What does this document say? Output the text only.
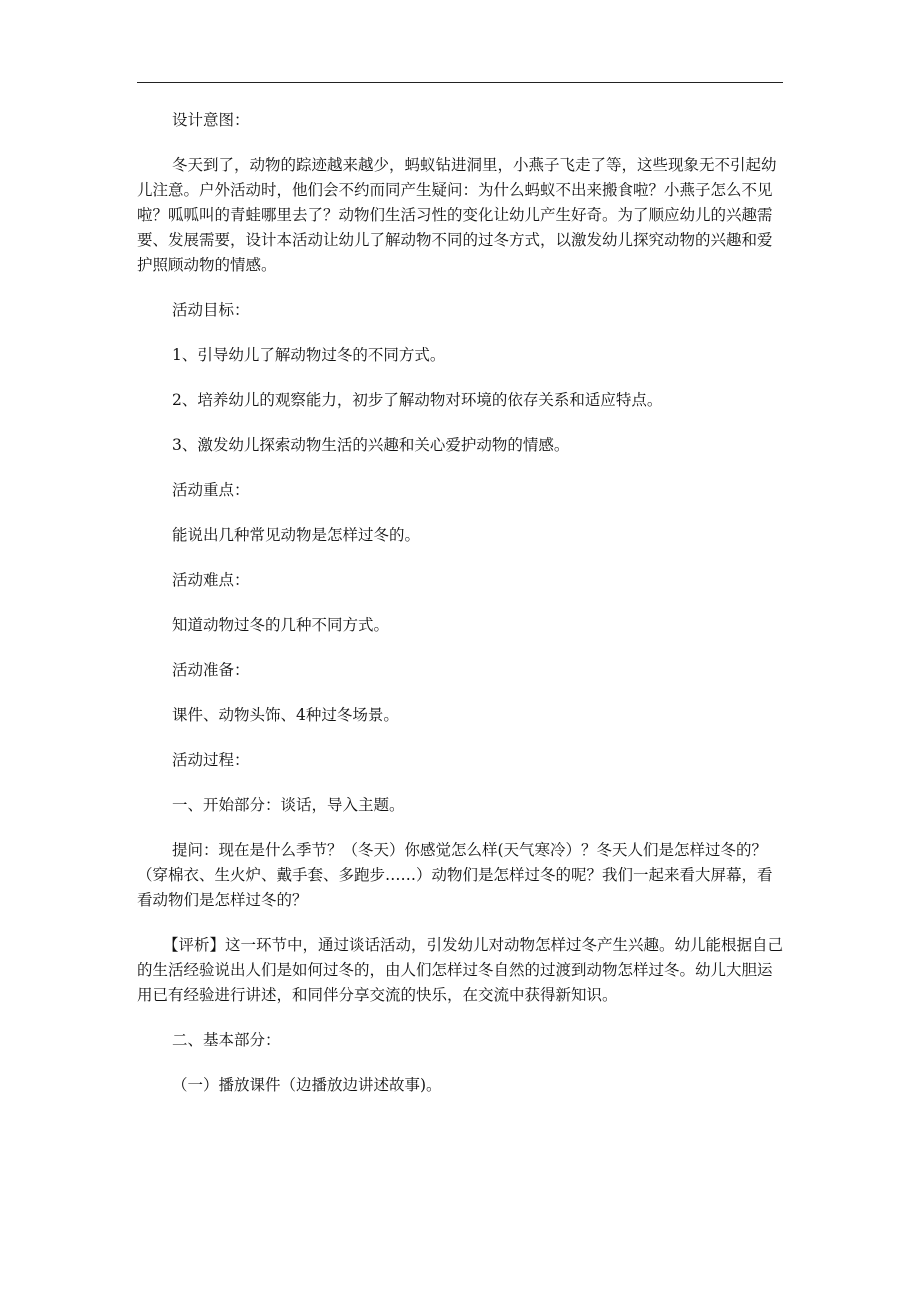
设计意图：

冬天到了，动物的踪迹越来越少，蚂蚁钻进洞里，小燕子飞走了等，这些现象无不引起幼儿注意。户外活动时，他们会不约而同产生疑问：为什么蚂蚁不出来搬食啦？小燕子怎么不见啦？呱呱叫的青蛙哪里去了？动物们生活习性的变化让幼儿产生好奇。为了顺应幼儿的兴趣需要、发展需要，设计本活动让幼儿了解动物不同的过冬方式，以激发幼儿探究动物的兴趣和爱护照顾动物的情感。

活动目标：

1、引导幼儿了解动物过冬的不同方式。

2、培养幼儿的观察能力，初步了解动物对环境的依存关系和适应特点。

3、激发幼儿探索动物生活的兴趣和关心爱护动物的情感。

活动重点：

能说出几种常见动物是怎样过冬的。

活动难点：

知道动物过冬的几种不同方式。

活动准备：

课件、动物头饰、4种过冬场景。

活动过程：

一、开始部分：谈话，导入主题。

提问：现在是什么季节？（冬天）你感觉怎么样(天气寒冷）？冬天人们是怎样过冬的？（穿棉衣、生火炉、戴手套、多跑步……）动物们是怎样过冬的呢？我们一起来看大屏幕，看看动物们是怎样过冬的？

【评析】这一环节中，通过谈话活动，引发幼儿对动物怎样过冬产生兴趣。幼儿能根据自己的生活经验说出人们是如何过冬的，由人们怎样过冬自然的过渡到动物怎样过冬。幼儿大胆运用已有经验进行讲述，和同伴分享交流的快乐，在交流中获得新知识。

二、基本部分：

（一）播放课件（边播放边讲述故事)。
